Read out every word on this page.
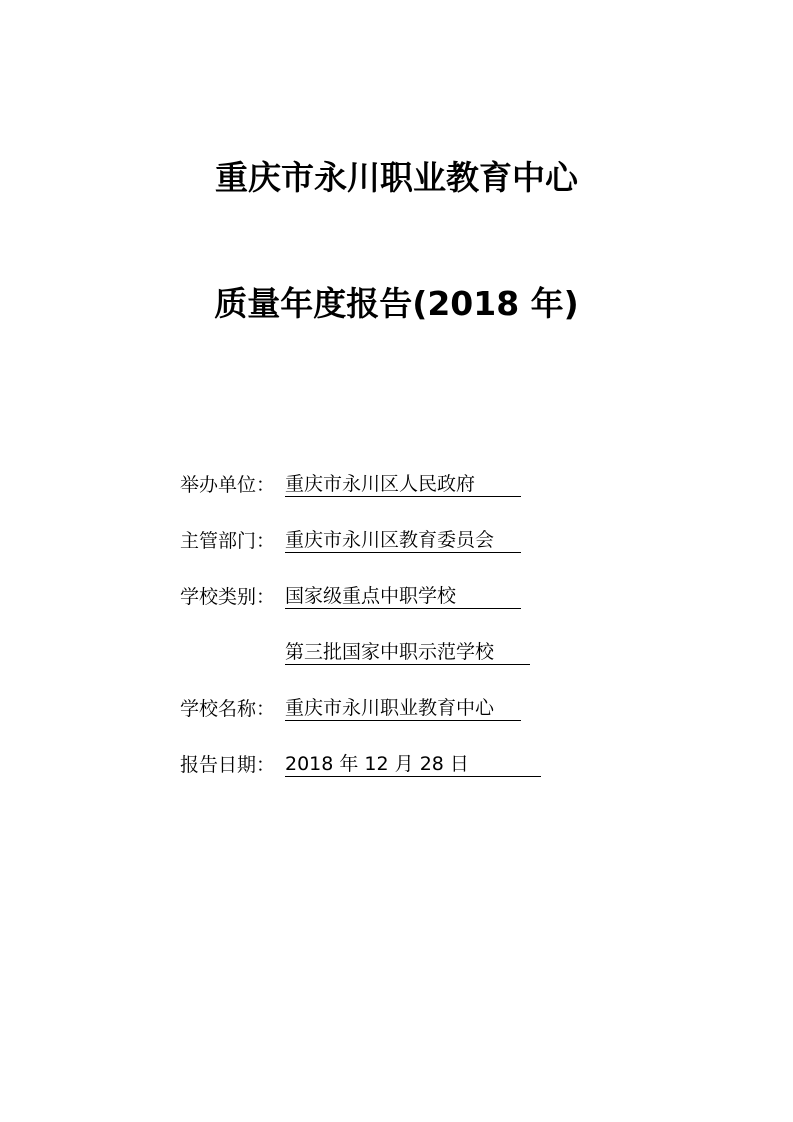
重庆市永川职业教育中心
质量年度报告(2018 年)
举办单位： 重庆市永川区人民政府
主管部门： 重庆市永川区教育委员会
学校类别： 国家级重点中职学校
第三批国家中职示范学校
学校名称： 重庆市永川职业教育中心
报告日期： 2018 年 12 月 28 日
